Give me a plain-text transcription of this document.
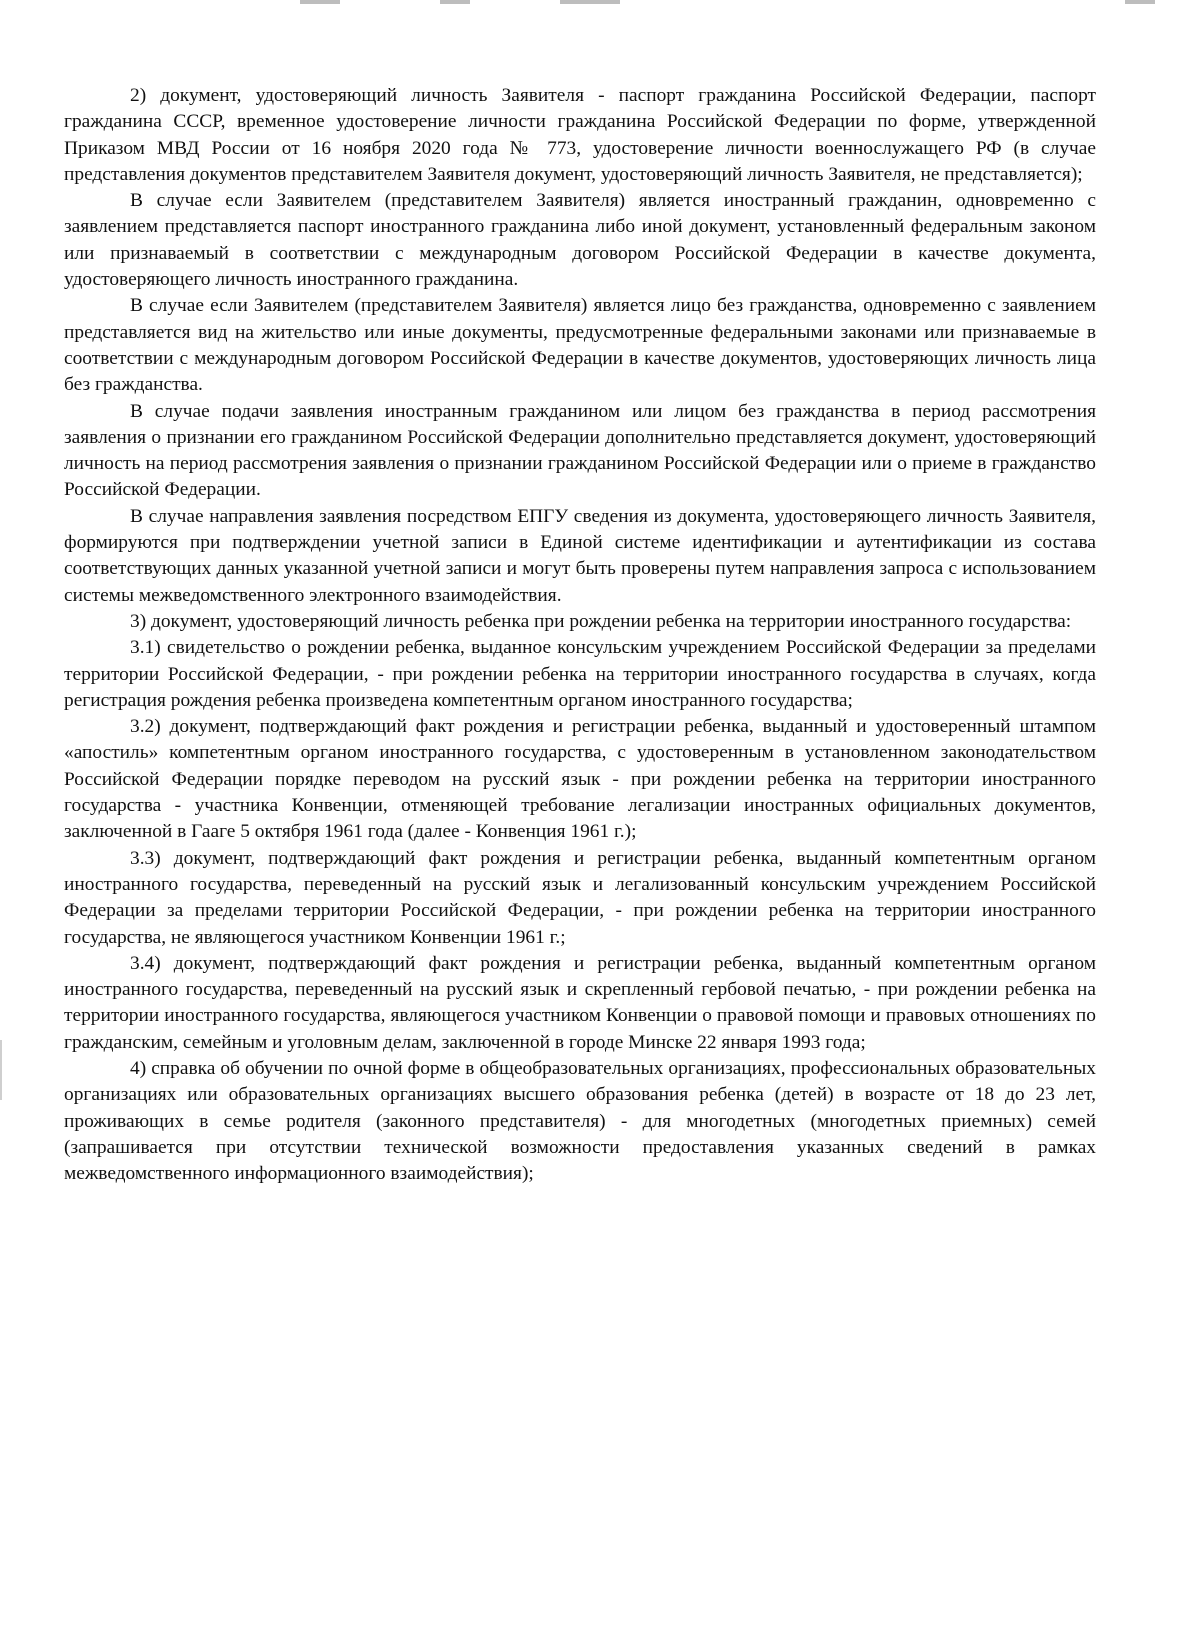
2) документ, удостоверяющий личность Заявителя - паспорт гражданина Российской Федерации, паспорт гражданина СССР, временное удостоверение личности гражданина Российской Федерации по форме, утвержденной Приказом МВД России от 16 ноября 2020 года № 773, удостоверение личности военнослужащего РФ (в случае представления документов представителем Заявителя документ, удостоверяющий личность Заявителя, не представляется);

В случае если Заявителем (представителем Заявителя) является иностранный гражданин, одновременно с заявлением представляется паспорт иностранного гражданина либо иной документ, установленный федеральным законом или признаваемый в соответствии с международным договором Российской Федерации в качестве документа, удостоверяющего личность иностранного гражданина.

В случае если Заявителем (представителем Заявителя) является лицо без гражданства, одновременно с заявлением представляется вид на жительство или иные документы, предусмотренные федеральными законами или признаваемые в соответствии с международным договором Российской Федерации в качестве документов, удостоверяющих личность лица без гражданства.

В случае подачи заявления иностранным гражданином или лицом без гражданства в период рассмотрения заявления о признании его гражданином Российской Федерации дополнительно представляется документ, удостоверяющий личность на период рассмотрения заявления о признании гражданином Российской Федерации или о приеме в гражданство Российской Федерации.

В случае направления заявления посредством ЕПГУ сведения из документа, удостоверяющего личность Заявителя, формируются при подтверждении учетной записи в Единой системе идентификации и аутентификации из состава соответствующих данных указанной учетной записи и могут быть проверены путем направления запроса с использованием системы межведомственного электронного взаимодействия.

3) документ, удостоверяющий личность ребенка при рождении ребенка на территории иностранного государства:

3.1) свидетельство о рождении ребенка, выданное консульским учреждением Российской Федерации за пределами территории Российской Федерации, - при рождении ребенка на территории иностранного государства в случаях, когда регистрация рождения ребенка произведена компетентным органом иностранного государства;

3.2) документ, подтверждающий факт рождения и регистрации ребенка, выданный и удостоверенный штампом «апостиль» компетентным органом иностранного государства, с удостоверенным в установленном законодательством Российской Федерации порядке переводом на русский язык - при рождении ребенка на территории иностранного государства - участника Конвенции, отменяющей требование легализации иностранных официальных документов, заключенной в Гааге 5 октября 1961 года (далее - Конвенция 1961 г.);

3.3) документ, подтверждающий факт рождения и регистрации ребенка, выданный компетентным органом иностранного государства, переведенный на русский язык и легализованный консульским учреждением Российской Федерации за пределами территории Российской Федерации, - при рождении ребенка на территории иностранного государства, не являющегося участником Конвенции 1961 г.;

3.4) документ, подтверждающий факт рождения и регистрации ребенка, выданный компетентным органом иностранного государства, переведенный на русский язык и скрепленный гербовой печатью, - при рождении ребенка на территории иностранного государства, являющегося участником Конвенции о правовой помощи и правовых отношениях по гражданским, семейным и уголовным делам, заключенной в городе Минске 22 января 1993 года;

4) справка об обучении по очной форме в общеобразовательных организациях, профессиональных образовательных организациях или образовательных организациях высшего образования ребенка (детей) в возрасте от 18 до 23 лет, проживающих в семье родителя (законного представителя) - для многодетных (многодетных приемных) семей (запрашивается при отсутствии технической возможности предоставления указанных сведений в рамках межведомственного информационного взаимодействия);
